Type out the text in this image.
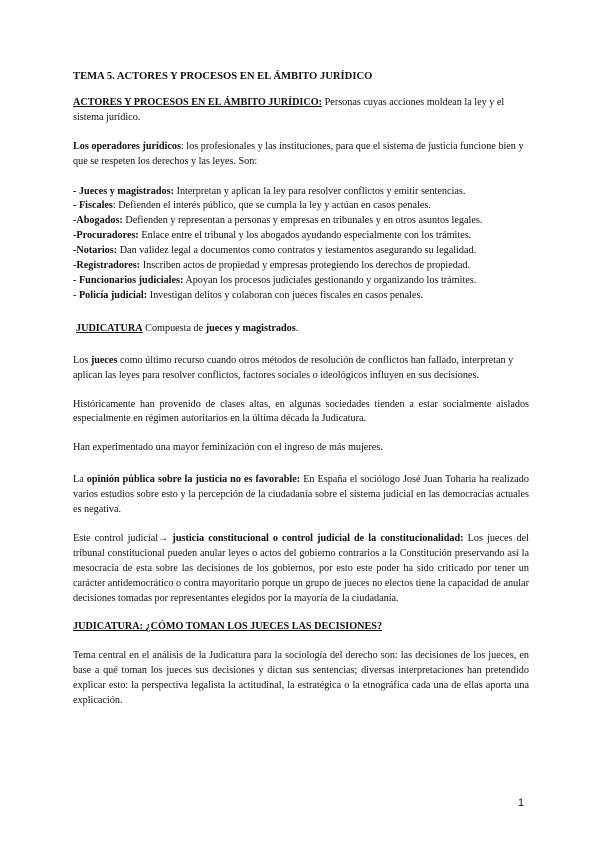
TEMA 5. ACTORES Y PROCESOS EN EL ÁMBITO JURÍDICO

ACTORES Y PROCESOS EN EL ÁMBITO JURÍDICO: Personas cuyas acciones moldean la ley y el sistema jurídico.

Los operadores jurídicos: los profesionales y las instituciones, para que el sistema de justicia funcione bien y que se respeten los derechos y las leyes. Son:

- Jueces y magistrados: Interpretan y aplican la ley para resolver conflictos y emitir sentencias.

- Fiscales: Defienden el interés público, que se cumpla la ley y actúan en casos penales.

-Abogados: Defienden y representan a personas y empresas en tribunales y en otros asuntos legales.

-Procuradores: Enlace entre el tribunal y los abogados ayudando especialmente con los trámites.

-Notarios: Dan validez legal a documentos como contratos y testamentos asegurando su legalidad.

-Registradores: Inscriben actos de propiedad y empresas protegiendo los derechos de propiedad.

- Funcionarios judiciales: Apoyan los procesos judiciales gestionando y organizando los trámites.

- Policía judicial: Investigan delitos y colaboran con jueces fiscales en casos penales.

JUDICATURA Compuesta de jueces y magistrados.

Los jueces como último recurso cuando otros métodos de resolución de conflictos han fallado, interpretan y aplican las leyes para resolver conflictos, factores sociales o ideológicos influyen en sus decisiones.

Históricamente han provenido de clases altas, en algunas sociedades tienden a estar socialmente aislados especialmente en régimen autoritarios en la última década la Judicatura.

Han experimentado una mayor feminización con el ingreso de más mujeres.

La opinión pública sobre la justicia no es favorable: En España el sociólogo José Juan Toharia ha realizado varios estudios sobre esto y la percepción de la ciudadanía sobre el sistema judicial en las democracias actuales es negativa.

Este control judicial→ justicia constitucional o control judicial de la constitucionalidad: Los jueces del tribunal constitucional pueden anular leyes o actos del gobierno contrarios a la Constitución preservando así la mesocracia de esta sobre las decisiones de los gobiernos, por esto este poder ha sido criticado por tener un carácter antidemocrático o contra mayoritario porque un grupo de jueces no electos tiene la capacidad de anular decisiones tomadas por representantes elegidos por la mayoría de la ciudadanía.

JUDICATURA: ¿CÓMO TOMAN LOS JUECES LAS DECISIONES?

Tema central en el análisis de la Judicatura para la sociología del derecho son: las decisiones de los jueces, en base a qué toman los jueces sus decisiones y dictan sus sentencias; diversas interpretaciones han pretendido explicar esto: la perspectiva legalista la actitudinal, la estratégica o la etnográfica cada una de ellas aporta una explicación.

1
